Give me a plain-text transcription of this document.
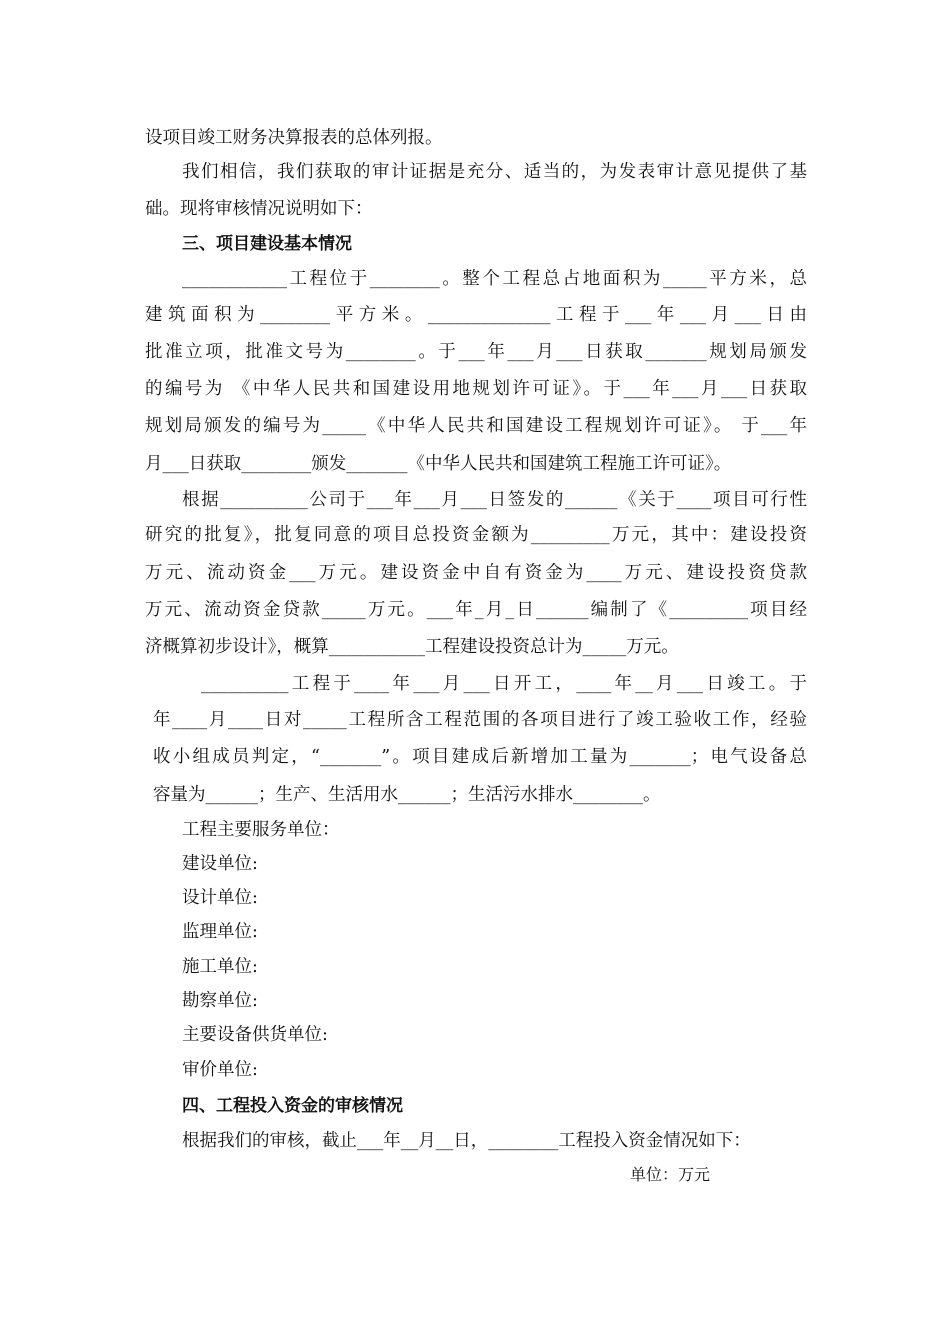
设项目竣工财务决算报表的总体列报。
我们相信，我们获取的审计证据是充分、适当的，为发表审计意见提供了基
础。现将审核情况说明如下：
三、项目建设基本情况
____________工程位于________。整个工程总占地面积为_____平方米，总
建筑面积为________平方米。______________工程于___年___月___日由
批准立项，批准文号为________。于___年___月___日获取_______规划局颁发
的编号为 《中华人民共和国建设用地规划许可证》。于___年___月___日获取
规划局颁发的编号为_____《中华人民共和国建设工程规划许可证》。 于___年
月___日获取________颁发_______《中华人民共和国建筑工程施工许可证》。
根据__________公司于___年___月___日签发的______《关于____项目可行性
研究的批复》，批复同意的项目总投资金额为_________万元，其中：建设投资
万元、流动资金___万元。建设资金中自有资金为____万元、建设投资贷款
万元、流动资金贷款_____万元。___年_月_日______编制了《_________项目经
济概算初步设计》，概算___________工程建设投资总计为_____万元。
__________工程于____年___月___日开工，____年__月___日竣工。于
年____月____日对_____工程所含工程范围的各项目进行了竣工验收工作，经验
收小组成员判定，“_______”。项目建成后新增加工量为_______；电气设备总
容量为______；生产、生活用水______；生活污水排水________。
工程主要服务单位：
建设单位:
设计单位:
监理单位:
施工单位:
勘察单位:
主要设备供货单位:
审价单位:
四、工程投入资金的审核情况
根据我们的审核，截止___年__月__日，________工程投入资金情况如下：
单位：万元
